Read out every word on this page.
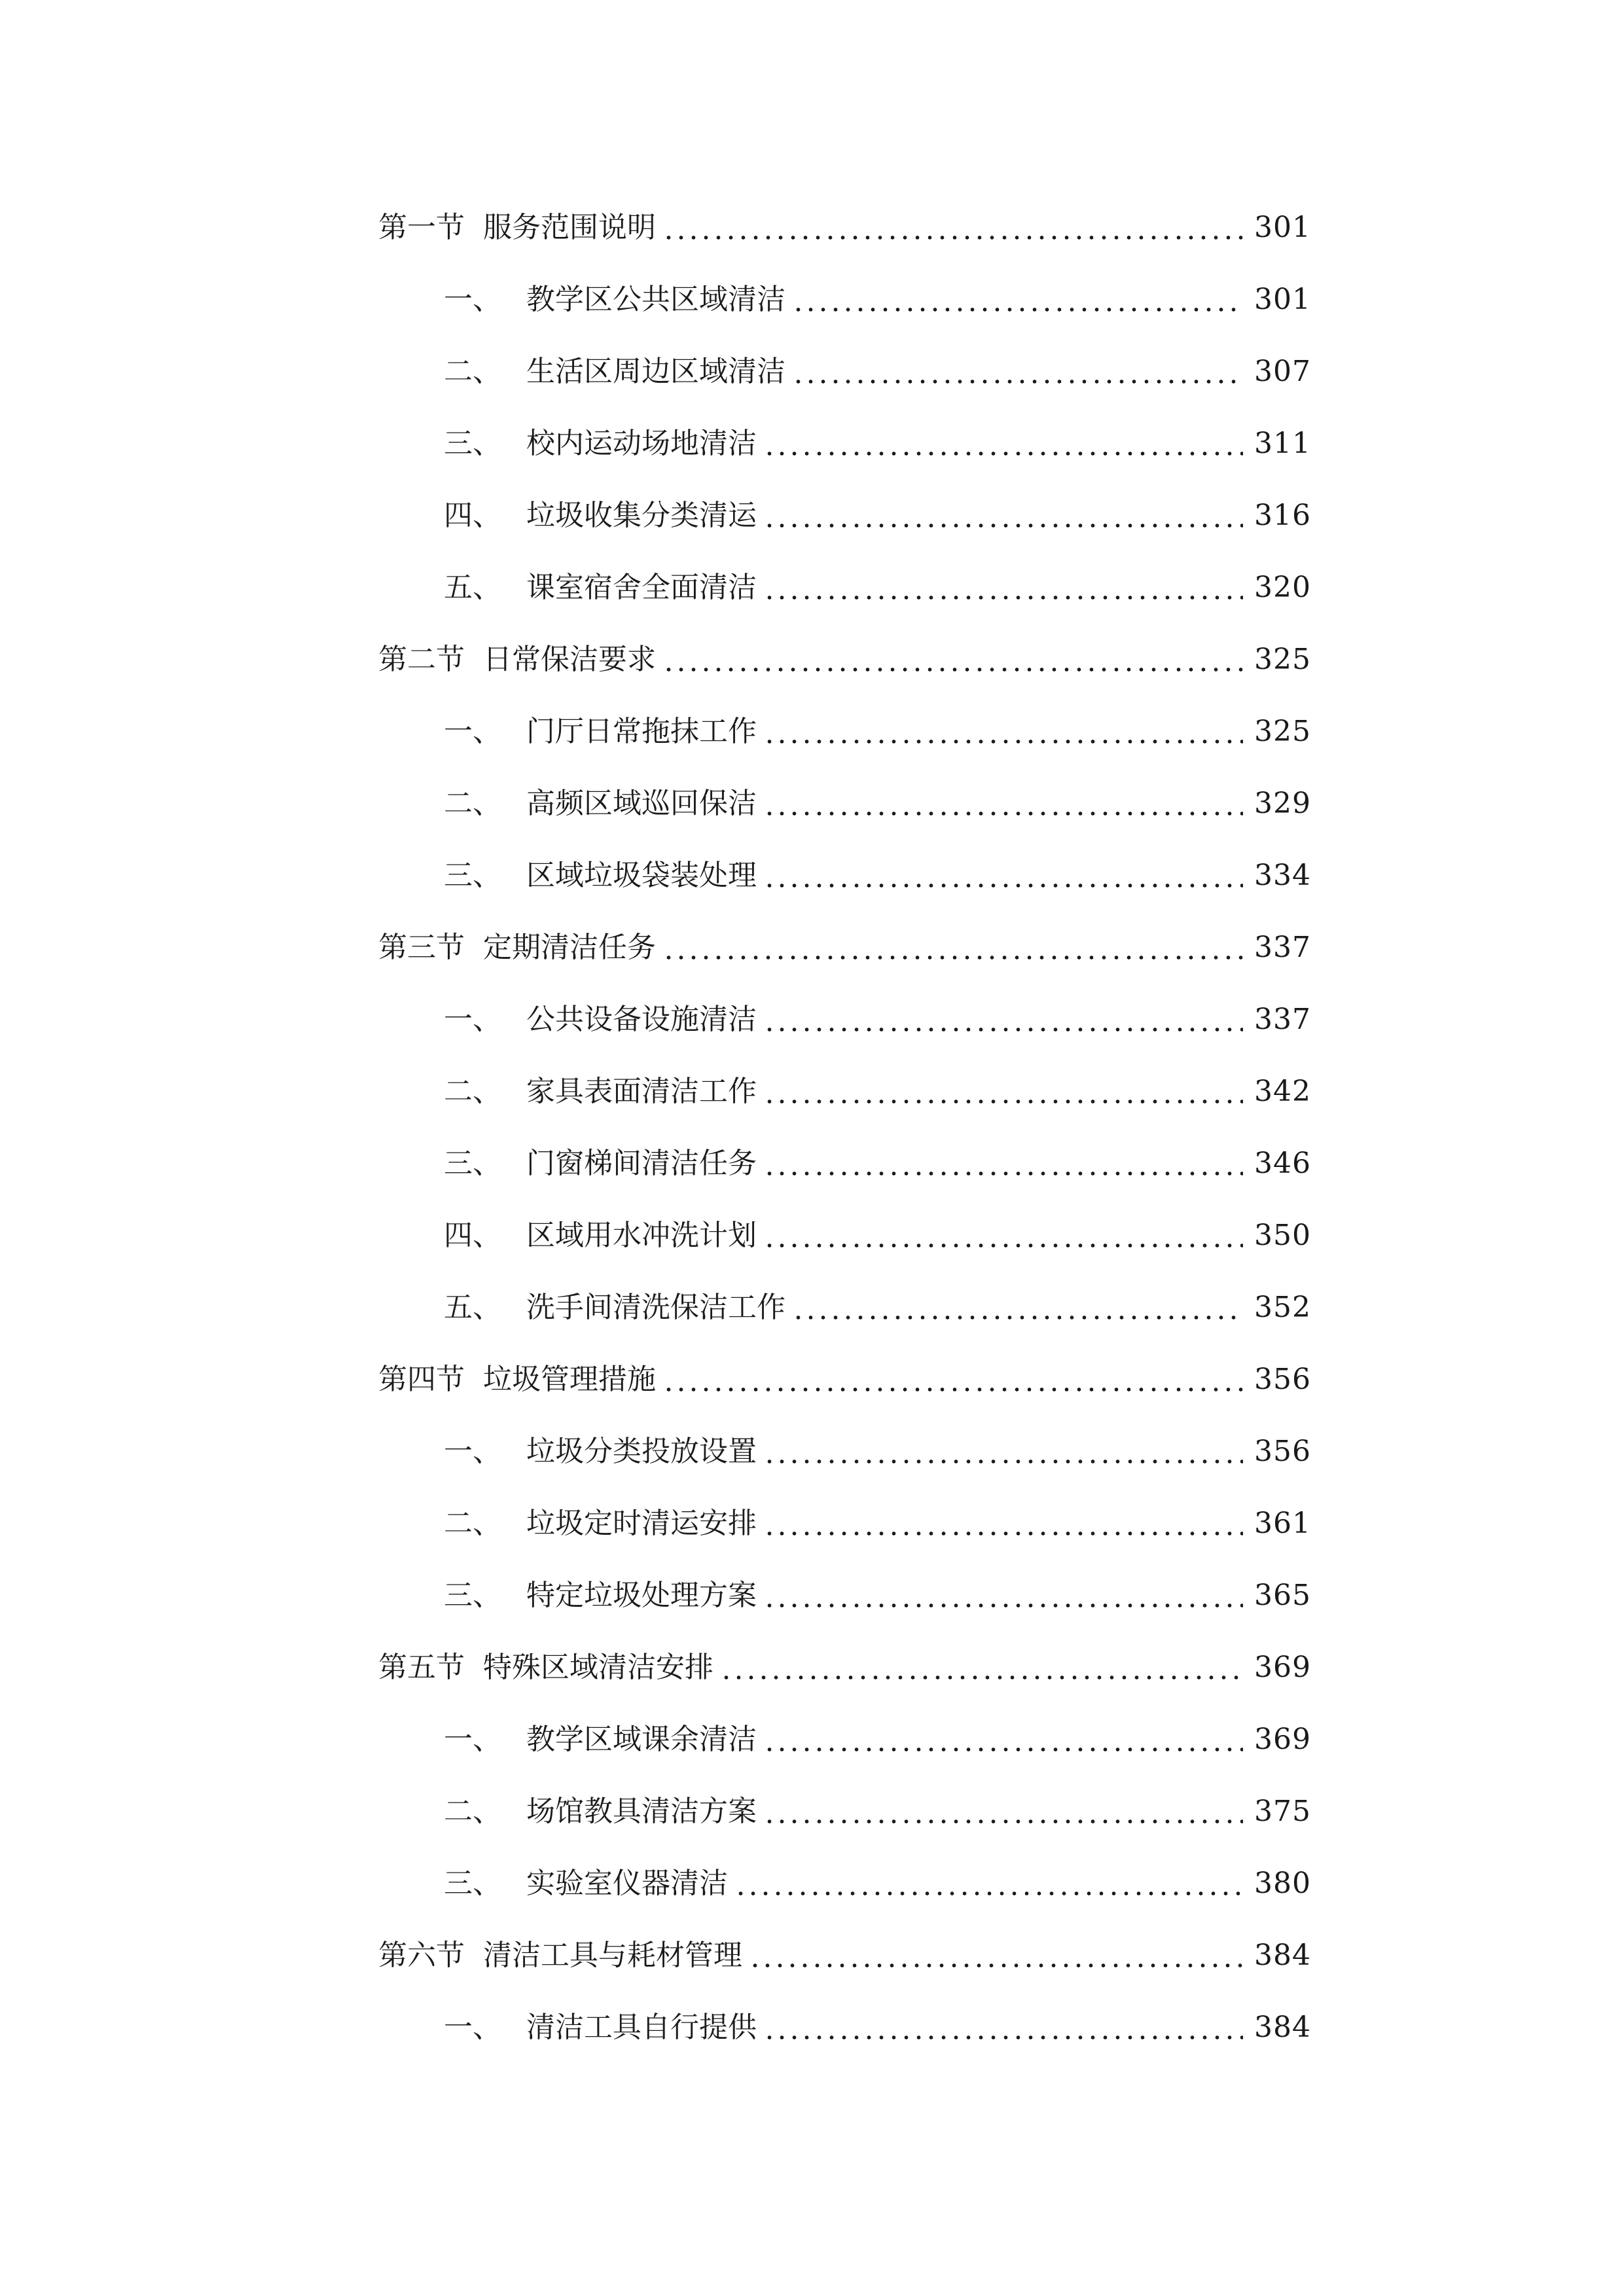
第一节 服务范围说明	301
一、 教学区公共区域清洁	301
二、 生活区周边区域清洁	307
三、 校内运动场地清洁	311
四、 垃圾收集分类清运	316
五、 课室宿舍全面清洁	320
第二节 日常保洁要求	325
一、 门厅日常拖抹工作	325
二、 高频区域巡回保洁	329
三、 区域垃圾袋装处理	334
第三节 定期清洁任务	337
一、 公共设备设施清洁	337
二、 家具表面清洁工作	342
三、 门窗梯间清洁任务	346
四、 区域用水冲洗计划	350
五、 洗手间清洗保洁工作	352
第四节 垃圾管理措施	356
一、 垃圾分类投放设置	356
二、 垃圾定时清运安排	361
三、 特定垃圾处理方案	365
第五节 特殊区域清洁安排	369
一、 教学区域课余清洁	369
二、 场馆教具清洁方案	375
三、 实验室仪器清洁	380
第六节 清洁工具与耗材管理	384
一、 清洁工具自行提供	384
